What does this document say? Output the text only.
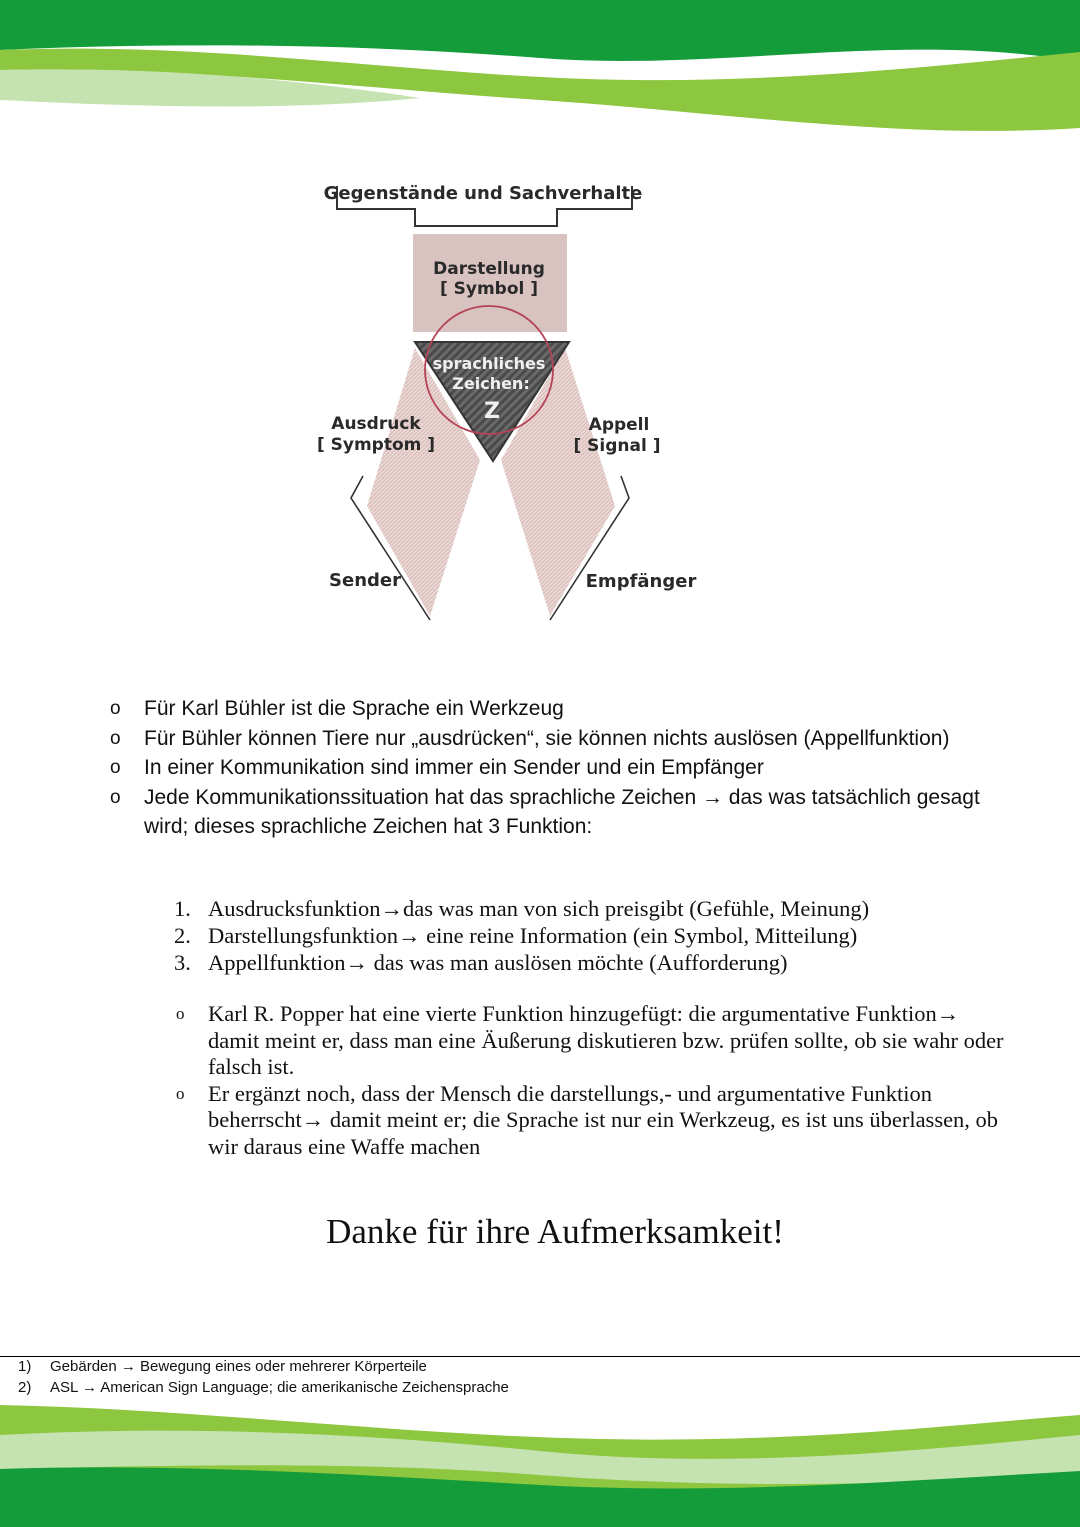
Gegenstände und Sachverhalte
Darstellung
[ Symbol ]
sprachliches
Zeichen:
Z
Ausdruck
[ Symptom ]
Appell
[ Signal ]
Sender	Empfänger
o Für Karl Bühler ist die Sprache ein Werkzeug
o Für Bühler können Tiere nur „ausdrücken“, sie können nichts auslösen (Appellfunktion)
o In einer Kommunikation sind immer ein Sender und ein Empfänger
o Jede Kommunikationssituation hat das sprachliche Zeichen → das was tatsächlich gesagt wird; dieses sprachliche Zeichen hat 3 Funktion:
1. Ausdrucksfunktion→das was man von sich preisgibt (Gefühle, Meinung)
2. Darstellungsfunktion→ eine reine Information (ein Symbol, Mitteilung)
3. Appellfunktion→ das was man auslösen möchte (Aufforderung)
o Karl R. Popper hat eine vierte Funktion hinzugefügt: die argumentative Funktion→ damit meint er, dass man eine Äußerung diskutieren bzw. prüfen sollte, ob sie wahr oder falsch ist.
o Er ergänzt noch, dass der Mensch die darstellungs,- und argumentative Funktion beherrscht→ damit meint er; die Sprache ist nur ein Werkzeug, es ist uns überlassen, ob wir daraus eine Waffe machen
Danke für ihre Aufmerksamkeit!
1) Gebärden → Bewegung eines oder mehrerer Körperteile
2) ASL → American Sign Language; die amerikanische Zeichensprache
